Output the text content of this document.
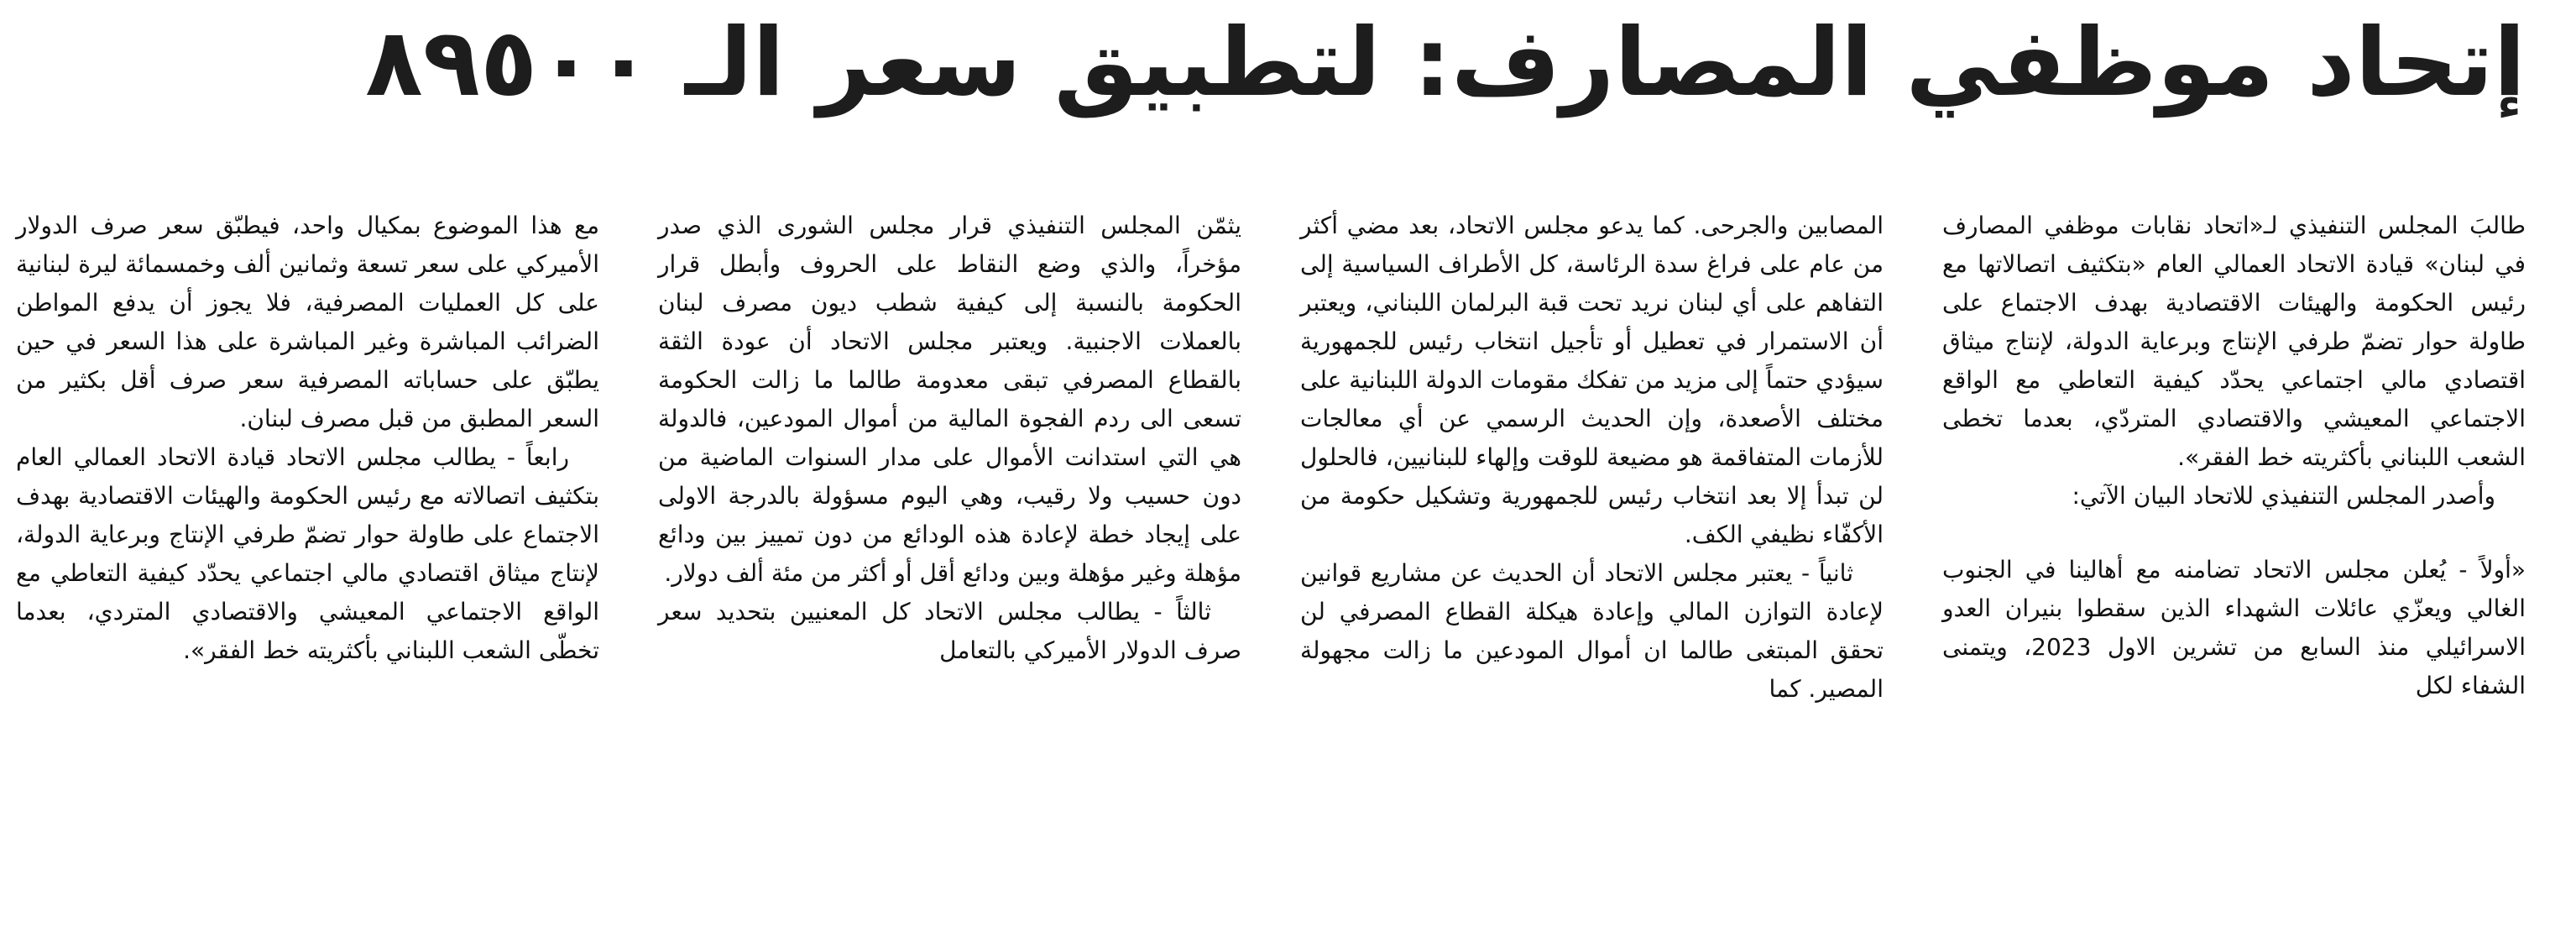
إتحاد موظفي المصارف: لتطبيق سعر الـ ٨٩٥٠٠

طالبَ المجلس التنفيذي لـ«اتحاد نقابات موظفي المصارف في لبنان» قيادة الاتحاد العمالي العام «بتكثيف اتصالاتها مع رئيس الحكومة والهيئات الاقتصادية بهدف الاجتماع على طاولة حوار تضمّ طرفي الإنتاج وبرعاية الدولة، لإنتاج ميثاق اقتصادي مالي اجتماعي يحدّد كيفية التعاطي مع الواقع الاجتماعي المعيشي والاقتصادي المتردّي، بعدما تخطى الشعب اللبناني بأكثريته خط الفقر».

وأصدر المجلس التنفيذي للاتحاد البيان الآتي:

«أولاً - يُعلن مجلس الاتحاد تضامنه مع أهالينا في الجنوب الغالي ويعزّي عائلات الشهداء الذين سقطوا بنيران العدو الاسرائيلي منذ السابع من تشرين الاول 2023، ويتمنى الشفاء لكل

المصابين والجرحى. كما يدعو مجلس الاتحاد، بعد مضي أكثر من عام على فراغ سدة الرئاسة، كل الأطراف السياسية إلى التفاهم على أي لبنان نريد تحت قبة البرلمان اللبناني، ويعتبر أن الاستمرار في تعطيل أو تأجيل انتخاب رئيس للجمهورية سيؤدي حتماً إلى مزيد من تفكك مقومات الدولة اللبنانية على مختلف الأصعدة، وإن الحديث الرسمي عن أي معالجات للأزمات المتفاقمة هو مضيعة للوقت وإلهاء للبنانيين، فالحلول لن تبدأ إلا بعد انتخاب رئيس للجمهورية وتشكيل حكومة من الأكفّاء نظيفي الكف.

ثانياً - يعتبر مجلس الاتحاد أن الحديث عن مشاريع قوانين لإعادة التوازن المالي وإعادة هيكلة القطاع المصرفي لن تحقق المبتغى طالما ان أموال المودعين ما زالت مجهولة المصير. كما

يثمّن المجلس التنفيذي قرار مجلس الشورى الذي صدر مؤخراً، والذي وضع النقاط على الحروف وأبطل قرار الحكومة بالنسبة إلى كيفية شطب ديون مصرف لبنان بالعملات الاجنبية. ويعتبر مجلس الاتحاد أن عودة الثقة بالقطاع المصرفي تبقى معدومة طالما ما زالت الحكومة تسعى الى ردم الفجوة المالية من أموال المودعين، فالدولة هي التي استدانت الأموال على مدار السنوات الماضية من دون حسيب ولا رقيب، وهي اليوم مسؤولة بالدرجة الاولى على إيجاد خطة لإعادة هذه الودائع من دون تمييز بين ودائع مؤهلة وغير مؤهلة وبين ودائع أقل أو أكثر من مئة ألف دولار.

ثالثاً - يطالب مجلس الاتحاد كل المعنيين بتحديد سعر صرف الدولار الأميركي بالتعامل

مع هذا الموضوع بمكيال واحد، فيطبّق سعر صرف الدولار الأميركي على سعر تسعة وثمانين ألف وخمسمائة ليرة لبنانية على كل العمليات المصرفية، فلا يجوز أن يدفع المواطن الضرائب المباشرة وغير المباشرة على هذا السعر في حين يطبّق على حساباته المصرفية سعر صرف أقل بكثير من السعر المطبق من قبل مصرف لبنان.

رابعاً - يطالب مجلس الاتحاد قيادة الاتحاد العمالي العام بتكثيف اتصالاته مع رئيس الحكومة والهيئات الاقتصادية بهدف الاجتماع على طاولة حوار تضمّ طرفي الإنتاج وبرعاية الدولة، لإنتاج ميثاق اقتصادي مالي اجتماعي يحدّد كيفية التعاطي مع الواقع الاجتماعي المعيشي والاقتصادي المتردي، بعدما تخطّى الشعب اللبناني بأكثريته خط الفقر».
